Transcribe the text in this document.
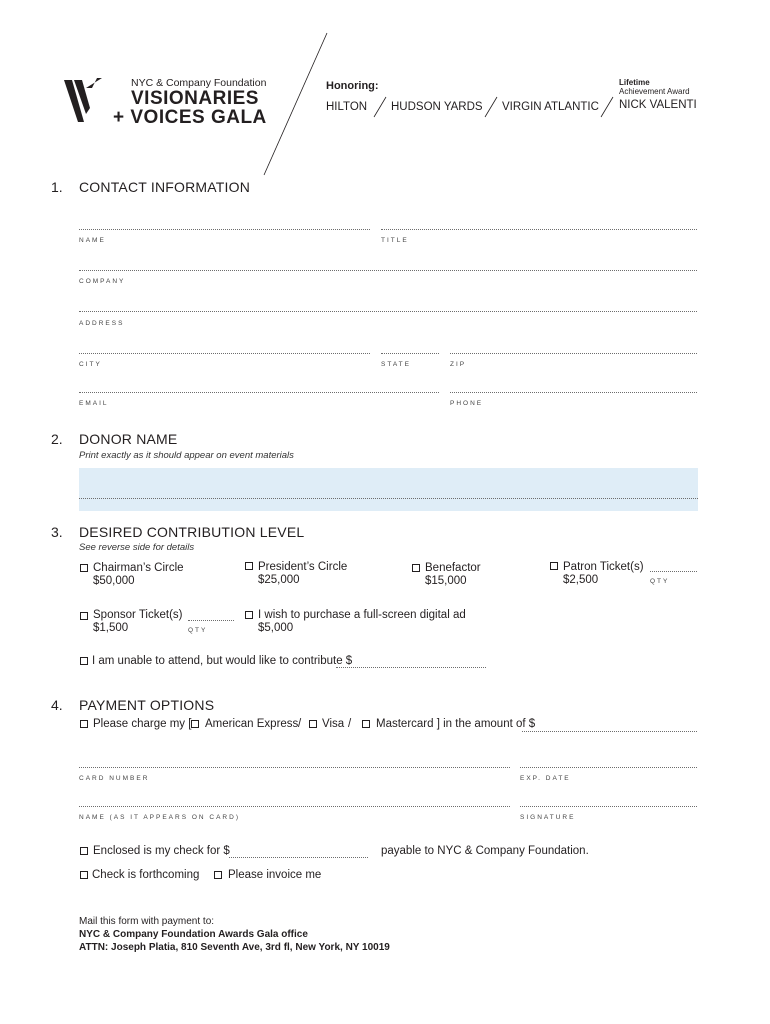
NYC & Company Foundation
VISIONARIES
+ VOICES GALA
Honoring:
HILTON HUDSON YARDS VIRGIN ATLANTIC
Lifetime
Achievement Award
NICK VALENTI
1. CONTACT INFORMATION
NAME	TITLE
COMPANY
ADDRESS
CITY	STATE	ZIP
EMAIL	PHONE
2. DONOR NAME
Print exactly as it should appear on event materials
3. DESIRED CONTRIBUTION LEVEL
See reverse side for details
Chairman’s Circle
$50,000
President’s Circle
$25,000
Benefactor
$15,000
Patron Ticket(s)
$2,500	QTY
Sponsor Ticket(s)
$1,500	QTY
I wish to purchase a full-screen digital ad
$5,000
I am unable to attend, but would like to contribute $
4. PAYMENT OPTIONS
Please charge my [ American Express / Visa / Mastercard ] in the amount of $
CARD NUMBER	EXP. DATE
NAME (AS IT APPEARS ON CARD)	SIGNATURE
Enclosed is my check for $	payable to NYC & Company Foundation.
Check is forthcoming Please invoice me
Mail this form with payment to:
NYC & Company Foundation Awards Gala office
ATTN: Joseph Platia, 810 Seventh Ave, 3rd fl, New York, NY 10019
